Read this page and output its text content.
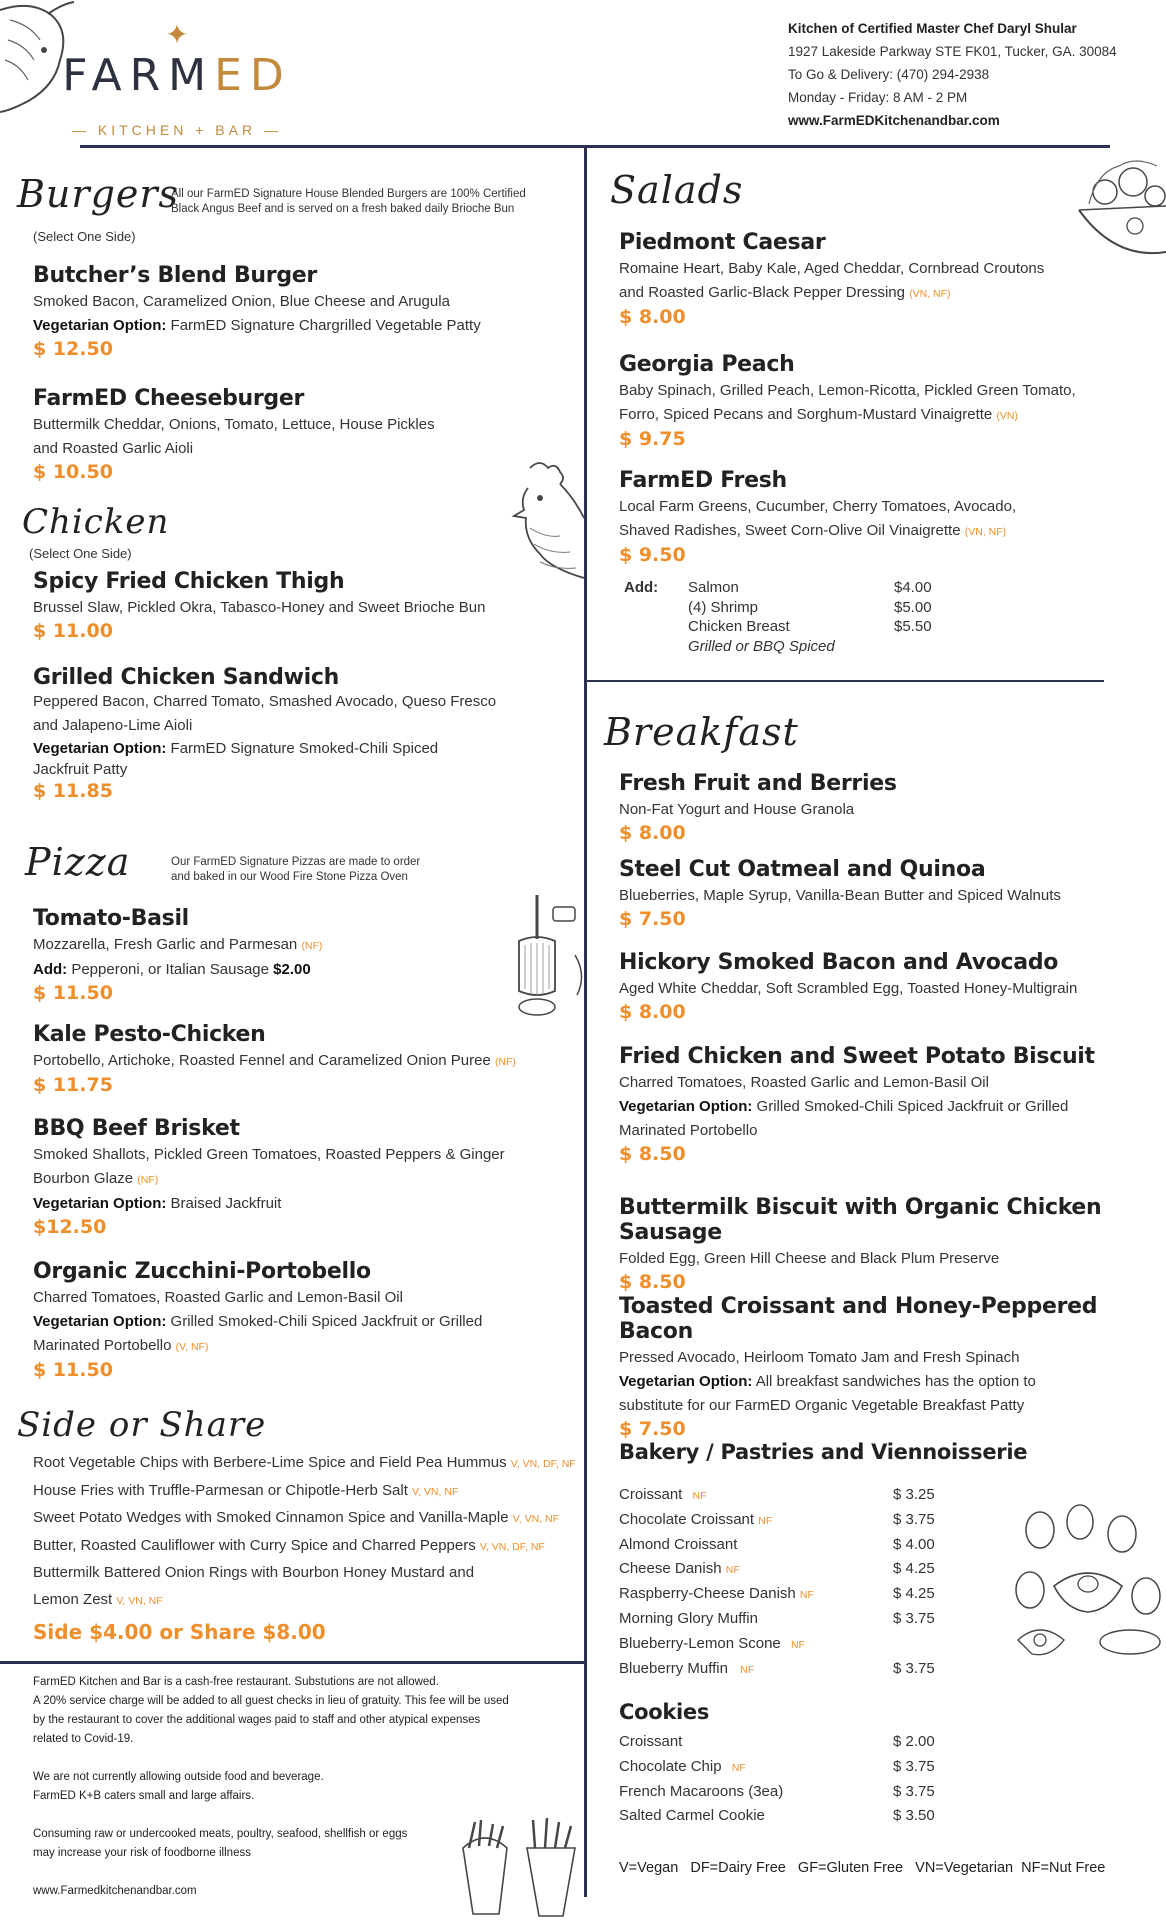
✦
FARMED
— KITCHEN + BAR —
Kitchen of Certified Master Chef Daryl Shular
1927 Lakeside Parkway STE FK01, Tucker, GA. 30084
To Go & Delivery: (470) 294-2938
Monday - Friday: 8 AM - 2 PM
www.FarmEDKitchenandbar.com
Burgers
All our FarmED Signature House Blended Burgers are 100% Certified Black Angus Beef and is served on a fresh baked daily Brioche Bun
(Select One Side)
Butcher’s Blend Burger
Smoked Bacon, Caramelized Onion, Blue Cheese and Arugula
Vegetarian Option: FarmED Signature Chargrilled Vegetable Patty
$ 12.50
FarmED Cheeseburger
Buttermilk Cheddar, Onions, Tomato, Lettuce, House Pickles
and Roasted Garlic Aioli
$ 10.50
Chicken
(Select One Side)
Spicy Fried Chicken Thigh
Brussel Slaw, Pickled Okra, Tabasco-Honey and Sweet Brioche Bun
$ 11.00
Grilled Chicken Sandwich
Peppered Bacon, Charred Tomato, Smashed Avocado, Queso Fresco
and Jalapeno-Lime Aioli
Vegetarian Option: FarmED Signature Smoked-Chili Spiced
Jackfruit Patty
$ 11.85
Pizza	Our FarmED Signature Pizzas are made to order
and baked in our Wood Fire Stone Pizza Oven
Tomato-Basil
Mozzarella, Fresh Garlic and Parmesan (NF)
Add: Pepperoni, or Italian Sausage $2.00
$ 11.50
Kale Pesto-Chicken
Portobello, Artichoke, Roasted Fennel and Caramelized Onion Puree (NF)
$ 11.75
BBQ Beef Brisket
Smoked Shallots, Pickled Green Tomatoes, Roasted Peppers & Ginger
Bourbon Glaze (NF)
Vegetarian Option: Braised Jackfruit
$12.50
Organic Zucchini-Portobello
Charred Tomatoes, Roasted Garlic and Lemon-Basil Oil
Vegetarian Option: Grilled Smoked-Chili Spiced Jackfruit or Grilled
Marinated Portobello (V, NF)
$ 11.50
Side or Share
Root Vegetable Chips with Berbere-Lime Spice and Field Pea Hummus V, VN, DF, NF
House Fries with Truffle-Parmesan or Chipotle-Herb Salt V, VN, NF
Sweet Potato Wedges with Smoked Cinnamon Spice and Vanilla-Maple V, VN, NF
Butter, Roasted Cauliflower with Curry Spice and Charred Peppers V, VN, DF, NF
Buttermilk Battered Onion Rings with Bourbon Honey Mustard and
Lemon Zest V, VN, NF
Side $4.00 or Share $8.00
FarmED Kitchen and Bar is a cash-free restaurant. Substutions are not allowed.
A 20% service charge will be added to all guest checks in lieu of gratuity. This fee will be used
by the restaurant to cover the additional wages paid to staff and other atypical expenses
related to Covid-19.
We are not currently allowing outside food and beverage.
FarmED K+B caters small and large affairs.
Consuming raw or undercooked meats, poultry, seafood, shellfish or eggs
may increase your risk of foodborne illness
www.Farmedkitchenandbar.com
Salads
Piedmont Caesar
Romaine Heart, Baby Kale, Aged Cheddar, Cornbread Croutons
and Roasted Garlic-Black Pepper Dressing (VN, NF)
$ 8.00
Georgia Peach
Baby Spinach, Grilled Peach, Lemon-Ricotta, Pickled Green Tomato,
Forro, Spiced Pecans and Sorghum-Mustard Vinaigrette (VN)
$ 9.75
FarmED Fresh
Local Farm Greens, Cucumber, Cherry Tomatoes, Avocado,
Shaved Radishes, Sweet Corn-Olive Oil Vinaigrette (VN, NF)
$ 9.50
Add: Salmon	$4.00
(4) Shrimp	$5.00
Chicken Breast	$5.50
Grilled or BBQ Spiced
Breakfast
Fresh Fruit and Berries
Non-Fat Yogurt and House Granola
$ 8.00
Steel Cut Oatmeal and Quinoa
Blueberries, Maple Syrup, Vanilla-Bean Butter and Spiced Walnuts
$ 7.50
Hickory Smoked Bacon and Avocado
Aged White Cheddar, Soft Scrambled Egg, Toasted Honey-Multigrain
$ 8.00
Fried Chicken and Sweet Potato Biscuit
Charred Tomatoes, Roasted Garlic and Lemon-Basil Oil
Vegetarian Option: Grilled Smoked-Chili Spiced Jackfruit or Grilled
Marinated Portobello
$ 8.50
Buttermilk Biscuit with Organic Chicken Sausage
Folded Egg, Green Hill Cheese and Black Plum Preserve
$ 8.50
Toasted Croissant and Honey-Peppered Bacon
Pressed Avocado, Heirloom Tomato Jam and Fresh Spinach
Vegetarian Option: All breakfast sandwiches has the option to
substitute for our FarmED Organic Vegetable Breakfast Patty
$ 7.50
Bakery / Pastries and Viennoisserie
Croissant NF	$ 3.25
Chocolate Croissant NF	$ 3.75
Almond Croissant	$ 4.00
Cheese Danish NF	$ 4.25
Raspberry-Cheese Danish NF	$ 4.25
Morning Glory Muffin	$ 3.75
Blueberry-Lemon Scone NF
Blueberry Muffin NF	$ 3.75
Cookies
Croissant	$ 2.00
Chocolate Chip NF	$ 3.75
French Macaroons (3ea)	$ 3.75
Salted Carmel Cookie	$ 3.50
V=Vegan   DF=Dairy Free   GF=Gluten Free   VN=Vegetarian  NF=Nut Free
